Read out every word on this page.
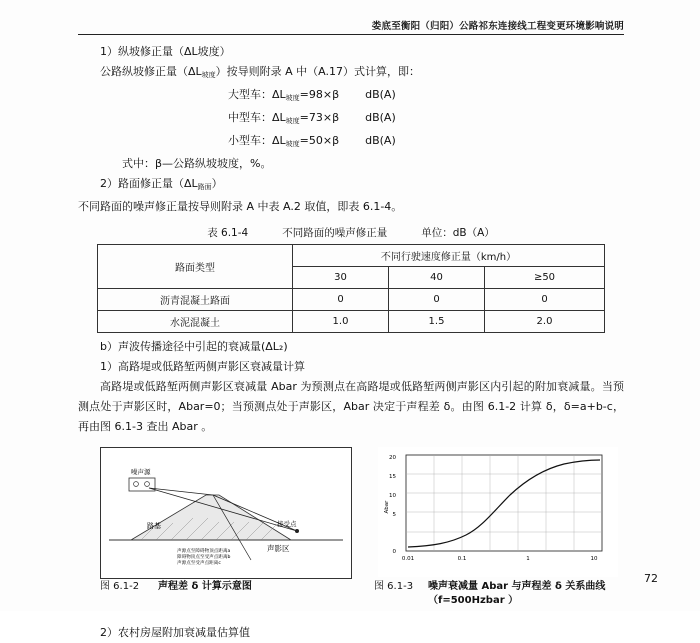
娄底至衡阳（归阳）公路祁东连接线工程变更环境影响说明

1）纵坡修正量（ΔL坡度）

公路纵坡修正量$(\Delta L_{坡度})$按导则附录 A 中（A.17）式计算，即：

大型车：$\Delta L_{坡度}=98\times\beta$ dB(A)
中型车：$\Delta L_{坡度}=73\times\beta$ dB(A)
小型车：$\Delta L_{坡度}=50\times\beta$ dB(A)

式中：β—公路纵坡坡度，%。

2）路面修正量$(\Delta L_{路面})$

不同路面的噪声修正量按导则附录 A 中表 A.2 取值，即表 6.1-4。

表 6.1-4	不同路面的噪声修正量	单位：dB（A）
路面类型	不同行驶速度修正量（km/h）		
	30	40	≥50
沥青混凝土路面	0	0	0
水泥混凝土	1.0	1.5	2.0

b）声波传播途径中引起的衰减量(ΔL₂)

1）高路堤或低路堑两侧声影区衰减量计算

高路堤或低路堑两侧声影区衰减量 Abar 为预测点在高路堤或低路堑两侧声影区内引起的附加衰减量。当预测点处于声影区时，Abar=0；当预测点处于声影区，Abar 决定于声程差 δ。由图 6.1-2 计算 δ，δ=a+b-c，再由图 6.1-3 查出 Abar 。

噪声源
路基	接受点
声影区
声源点至障碍物顶点距离a
障碍物顶点至受声点距离b
声源点至受声点距离c
20
15
10
5
0
0.01	0.1	1	10
Abar
图 6.1-2 声程差 δ 计算示意图	图 6.1-3 噪声衰减量 Abar 与声程差 δ 关系曲线
（f=500Hzbar ）

2）农村房屋附加衰减量估算值

72
